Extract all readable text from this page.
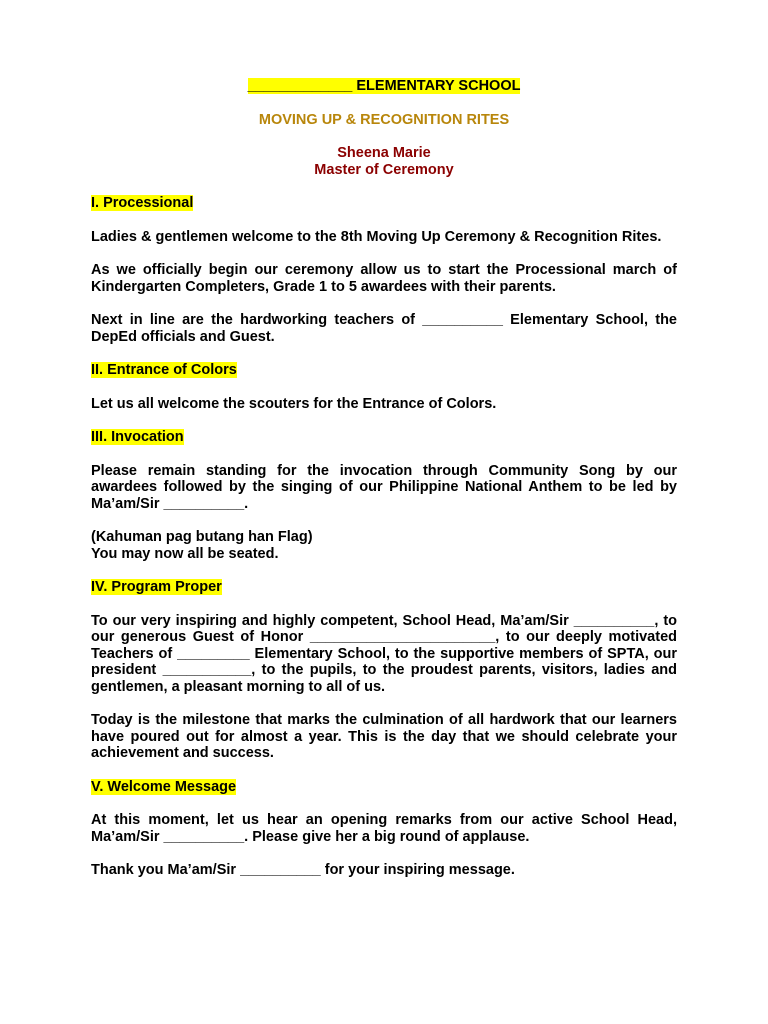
_____________ ELEMENTARY SCHOOL
MOVING UP & RECOGNITION RITES
Sheena Marie
Master of Ceremony
I. Processional

Ladies & gentlemen welcome to the 8th Moving Up Ceremony & Recognition Rites.

As we officially begin our ceremony allow us to start the Processional march of Kindergarten Completers, Grade 1 to 5 awardees with their parents.

Next in line are the hardworking teachers of __________ Elementary School, the DepEd officials and Guest.

II. Entrance of Colors

Let us all welcome the scouters for the Entrance of Colors.

III. Invocation

Please remain standing for the invocation through Community Song by our awardees followed by the singing of our Philippine National Anthem to be led by Ma’am/Sir __________.

(Kahuman pag butang han Flag)

You may now all be seated.

IV. Program Proper

To our very inspiring and highly competent, School Head, Ma’am/Sir __________, to our generous Guest of Honor _______________________, to our deeply motivated Teachers of _________ Elementary School, to the supportive members of SPTA, our president ___________, to the pupils, to the proudest parents, visitors, ladies and gentlemen, a pleasant morning to all of us.

Today is the milestone that marks the culmination of all hardwork that our learners have poured out for almost a year. This is the day that we should celebrate your achievement and success.

V. Welcome Message

At this moment, let us hear an opening remarks from our active School Head, Ma’am/Sir __________. Please give her a big round of applause.

Thank you Ma’am/Sir __________ for your inspiring message.
